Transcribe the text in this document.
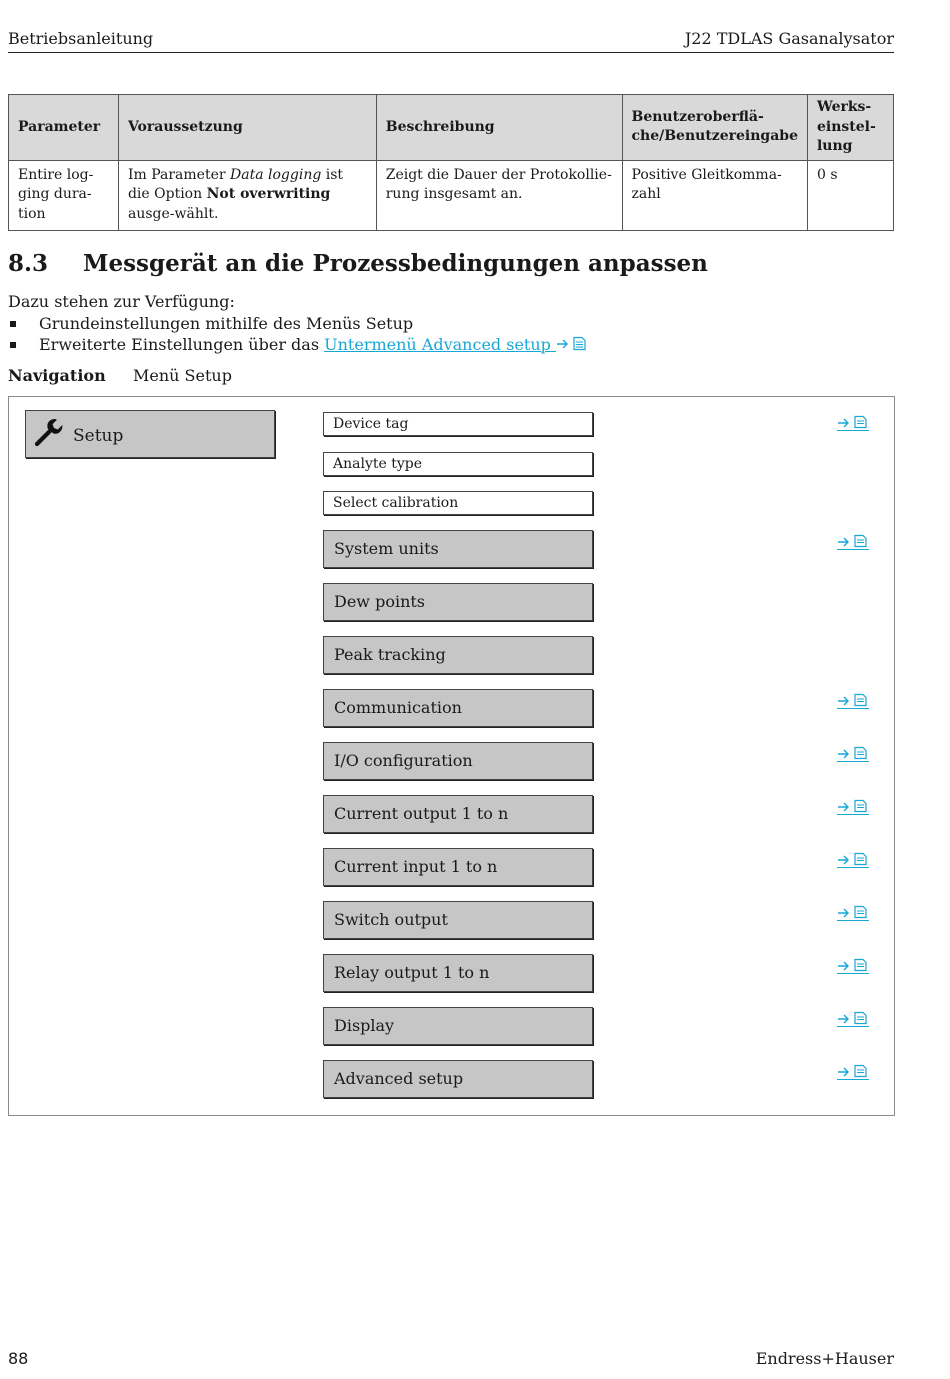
Betriebsanleitung	J22 TDLAS Gasanalysator
Parameter	Voraussetzung	Beschreibung	Benutzeroberflä-che/Benutzereingabe	Werks-einstel-lung
Entire log-ging dura-tion	Im Parameter Data logging ist die Option Not overwriting ausge-wählt.	Zeigt die Dauer der Protokollie-rung insgesamt an.	Positive Gleitkomma-zahl	0 s
8.3 Messgerät an die Prozessbedingungen anpassen
Dazu stehen zur Verfügung:
Grundeinstellungen mithilfe des Menüs Setup
Erweiterte Einstellungen über das Untermenü Advanced setup
Navigation Menü Setup
Setup
Device tag
Analyte type
Select calibration
System units
Dew points
Peak tracking
Communication
I/O configuration
Current output 1 to n
Current input 1 to n
Switch output
Relay output 1 to n
Display
Advanced setup
88	Endress+Hauser
